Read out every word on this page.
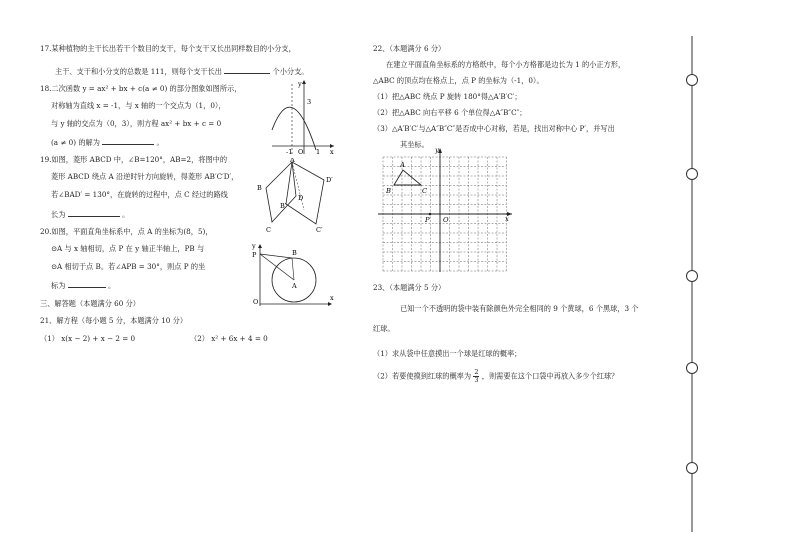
17.某种植物的主干长出若干个数目的支干，每个支干又长出同样数目的小分支，
主干、支干和小分支的总数是 111，则每个支干长出	个小分支。
18.二次函数 y = ax² + bx + c(a ≠ 0) 的部分图象如图所示，
对称轴为直线 x = -1，与 x 轴的一个交点为（1，0），
与 y 轴的交点为（0，3），则方程 ax² + bx + c = 0
(a ≠ 0) 的解为	。
y
3
-1 O 1 x
19.如图，菱形 ABCD 中，∠B=120°，AB=2，将图中的
菱形 ABCD 绕点 A 沿逆时针方向旋转，得菱形 AB′C′D′，
若∠BAD′ = 130°，在旋转的过程中，点 C 经过的路线
长为	。
A
B
B′
C	C′
D
D′
20.如图，平面直角坐标系中，点 A 的坐标为(8，5)，
⊙A 与 x 轴相切，点 P 在 y 轴正半轴上，PB 与
⊙A 相切于点 B。若∠APB = 30°，则点 P 的坐
标为	。
y
P	B
A
O	x
三、解答题（本题满分 60 分）
21、解方程（每小题 5 分，本题满分 10 分）
（1） x(x − 2) + x − 2 = 0	（2） x² + 6x + 4 = 0
22、（本题满分 6 分）
在建立平面直角坐标系的方格纸中，每个小方格都是边长为 1 的小正方形，
△ABC 的顶点均在格点上，点 P 的坐标为（-1，0）。
（1）把△ABC 绕点 P 旋转 180°得△A′B′C′；
（2）把△ABC 向右平移 6 个单位得△A″B″C″；
（3）△A′B′C′与△A″B″C″是否成中心对称，若是，找出对称中心 P′，并写出
其坐标。
y
x
A
B	C
P O
23、（本题满分 5 分）
已知一个不透明的袋中装有除颜色外完全相同的 9 个黄球，6 个黑球，3 个
红球。
（1）求从袋中任意摸出一个球是红球的概率；
（2）若要使摸到红球的概率为 $\frac{2}{3}$ ，则需要在这个口袋中再放入多少个红球？
